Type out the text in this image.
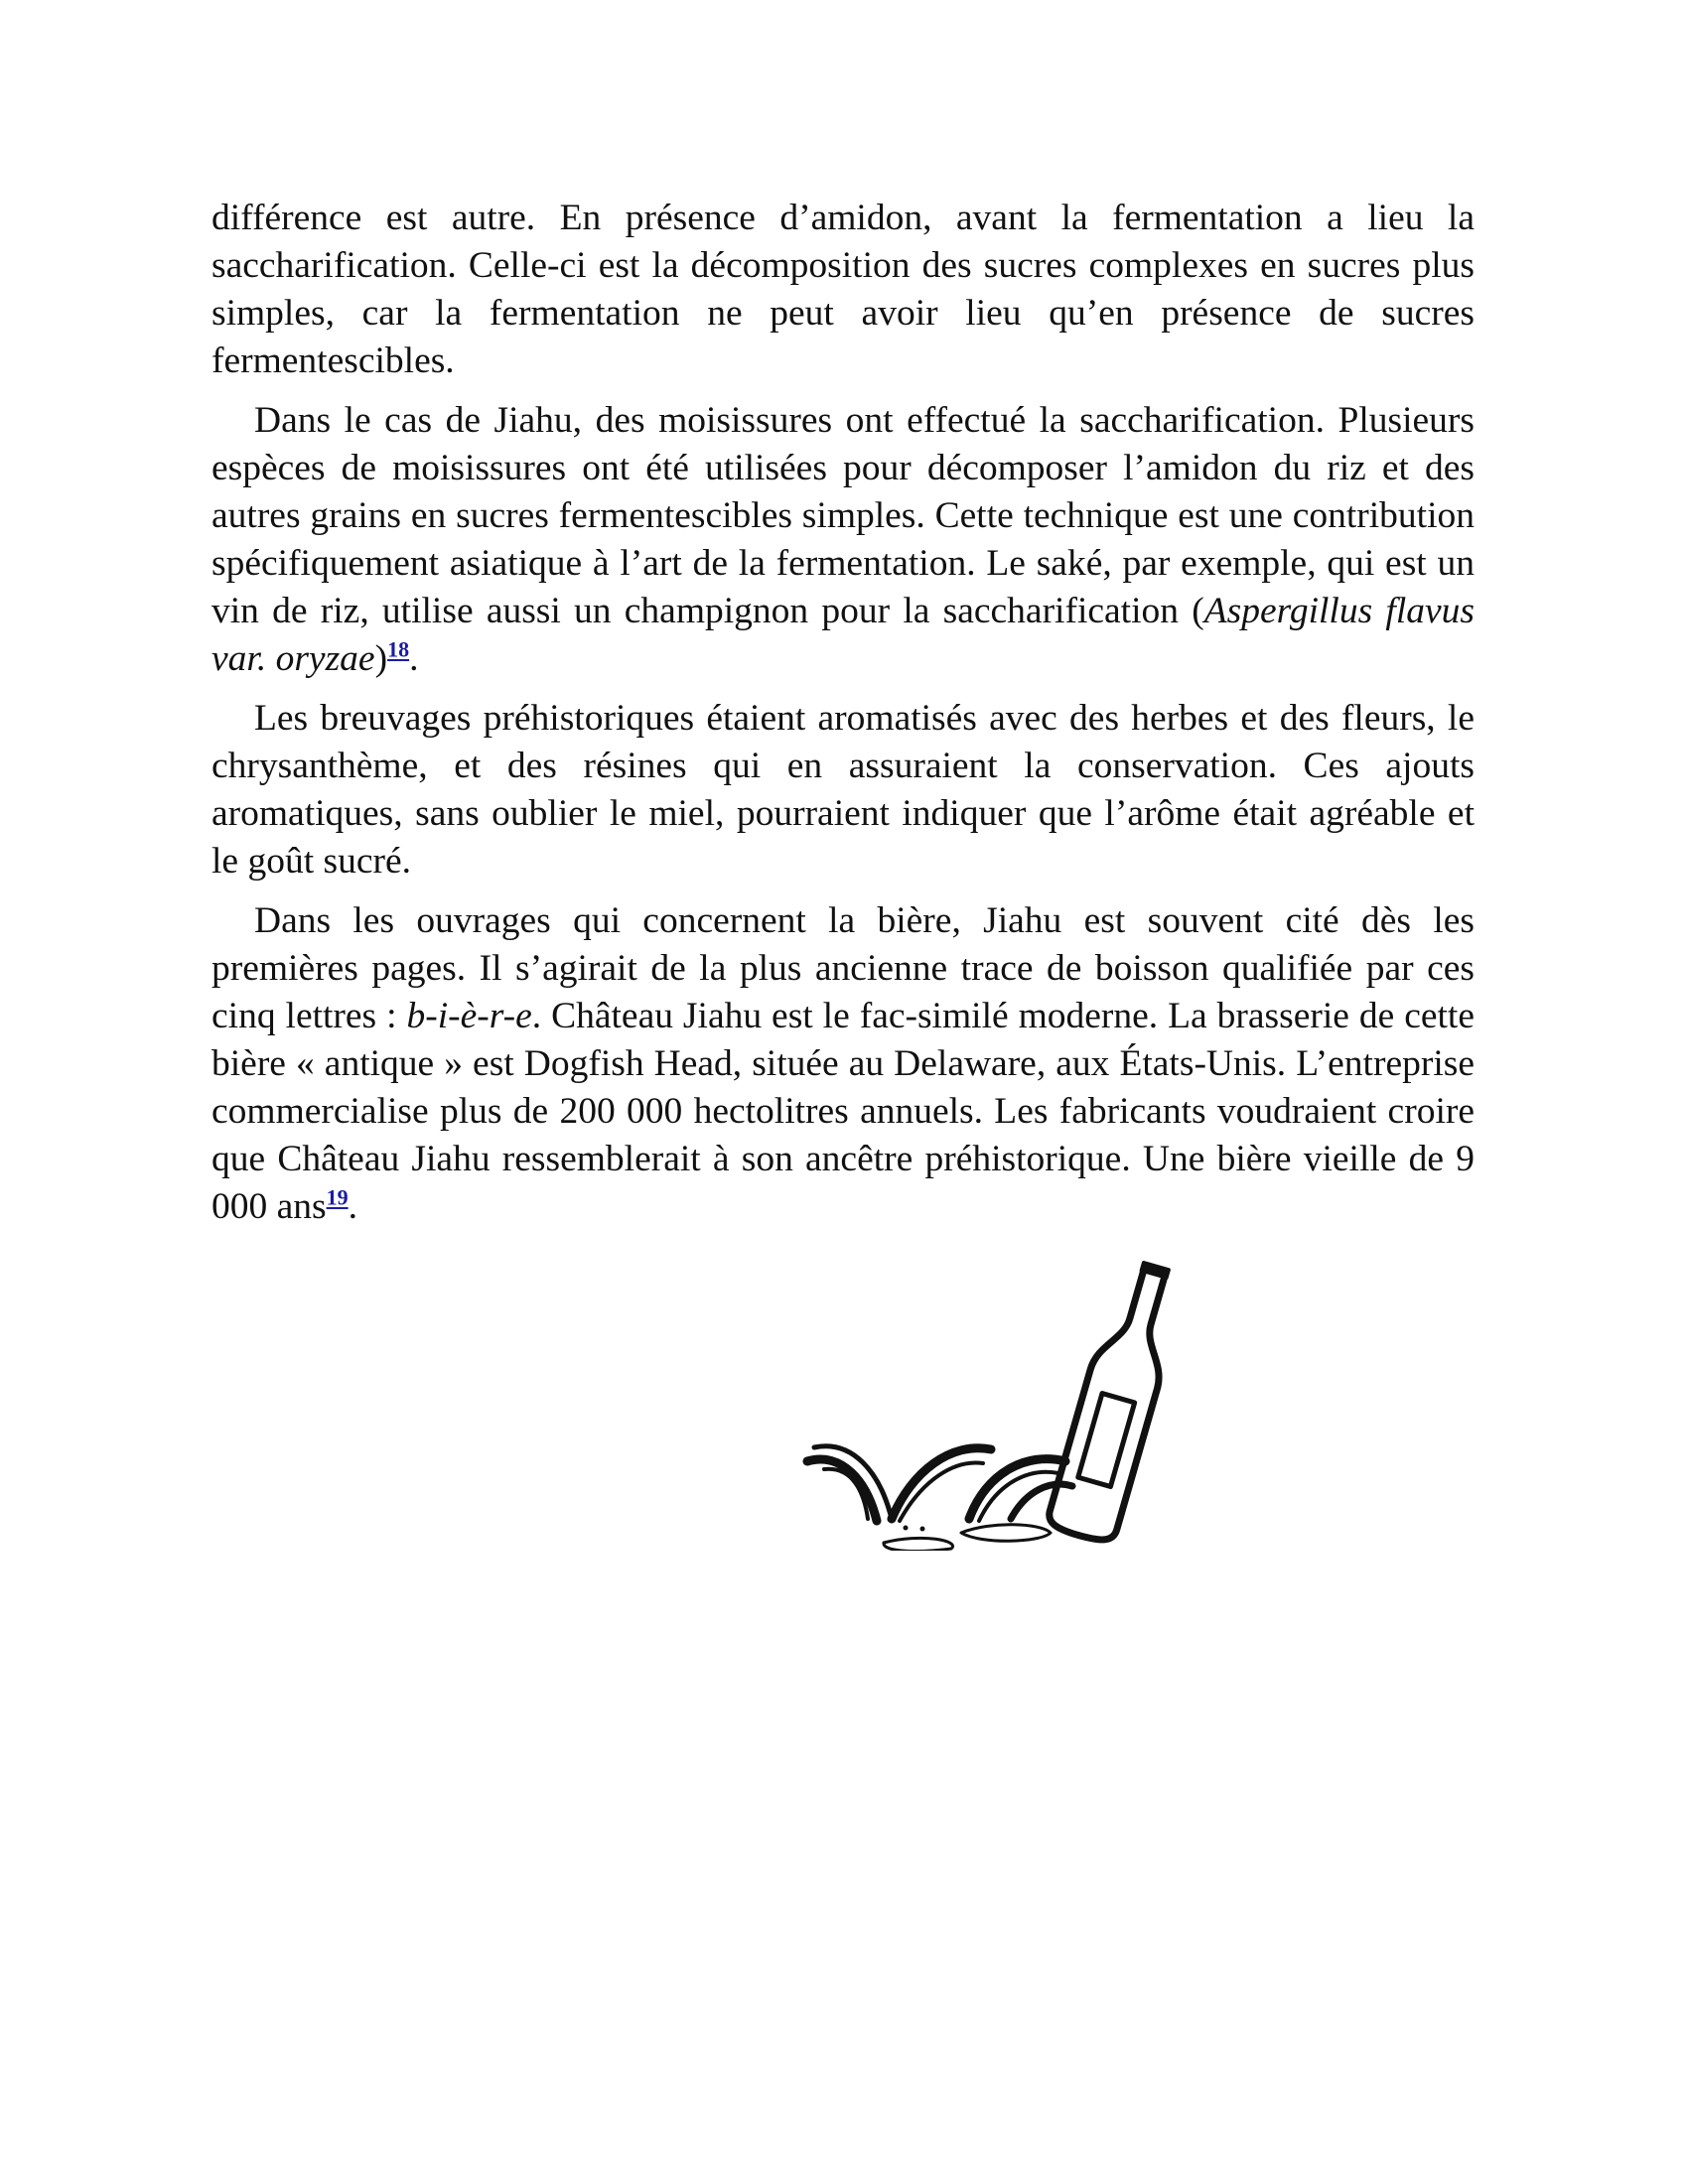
différence est autre. En présence d’amidon, avant la fermentation a lieu la saccharification. Celle-ci est la décomposition des sucres complexes en sucres plus simples, car la fermentation ne peut avoir lieu qu’en présence de sucres fermentescibles.

Dans le cas de Jiahu, des moisissures ont effectué la saccharification. Plusieurs espèces de moisissures ont été utilisées pour décomposer l’amidon du riz et des autres grains en sucres fermentescibles simples. Cette technique est une contribution spécifiquement asiatique à l’art de la fermentation. Le saké, par exemple, qui est un vin de riz, utilise aussi un champignon pour la saccharification (Aspergillus flavus var. oryzae)$^{18}$.

Les breuvages préhistoriques étaient aromatisés avec des herbes et des fleurs, le chrysanthème, et des résines qui en assuraient la conservation. Ces ajouts aromatiques, sans oublier le miel, pourraient indiquer que l’arôme était agréable et le goût sucré.

Dans les ouvrages qui concernent la bière, Jiahu est souvent cité dès les premières pages. Il s’agirait de la plus ancienne trace de boisson qualifiée par ces cinq lettres : b-i-è-r-e. Château Jiahu est le fac-similé moderne. La brasserie de cette bière « antique » est Dogfish Head, située au Delaware, aux États-Unis. L’entreprise commercialise plus de 200 000 hectolitres annuels. Les fabricants voudraient croire que Château Jiahu ressemblerait à son ancêtre préhistorique. Une bière vieille de 9 000 ans$^{19}$.
